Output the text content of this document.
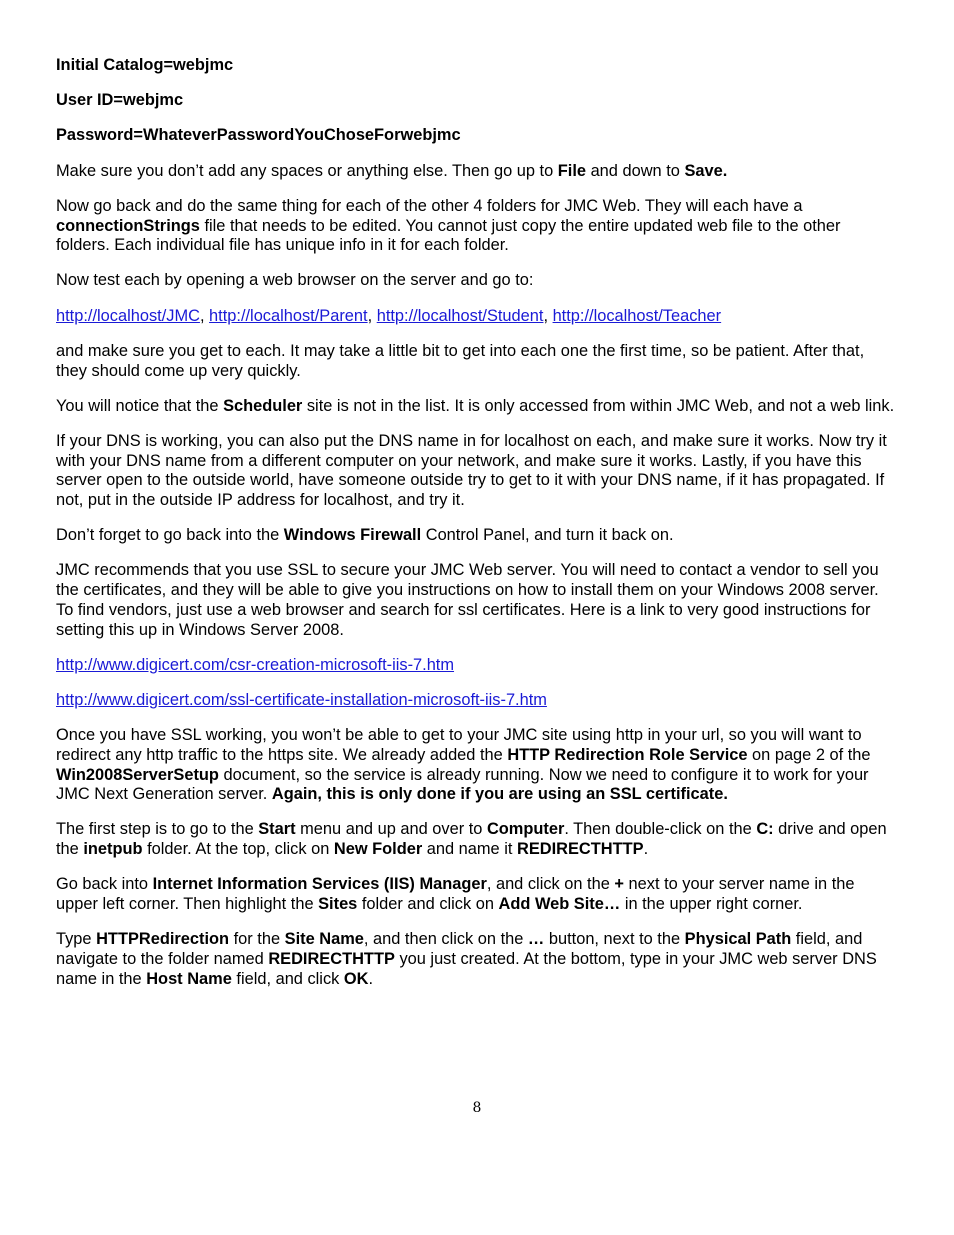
Initial Catalog=webjmc

User ID=webjmc

Password=WhateverPasswordYouChoseForwebjmc

Make sure you don’t add any spaces or anything else. Then go up to File and down to Save.

Now go back and do the same thing for each of the other 4 folders for JMC Web. They will each have a connectionStrings file that needs to be edited. You cannot just copy the entire updated web file to the other folders. Each individual file has unique info in it for each folder.

Now test each by opening a web browser on the server and go to:

http://localhost/JMC, http://localhost/Parent, http://localhost/Student, http://localhost/Teacher

and make sure you get to each. It may take a little bit to get into each one the first time, so be patient. After that, they should come up very quickly.

You will notice that the Scheduler site is not in the list. It is only accessed from within JMC Web, and not a web link.

If your DNS is working, you can also put the DNS name in for localhost on each, and make sure it works. Now try it with your DNS name from a different computer on your network, and make sure it works. Lastly, if you have this server open to the outside world, have someone outside try to get to it with your DNS name, if it has propagated. If not, put in the outside IP address for localhost, and try it.

Don’t forget to go back into the Windows Firewall Control Panel, and turn it back on.

JMC recommends that you use SSL to secure your JMC Web server. You will need to contact a vendor to sell you the certificates, and they will be able to give you instructions on how to install them on your Windows 2008 server. To find vendors, just use a web browser and search for ssl certificates. Here is a link to very good instructions for setting this up in Windows Server 2008.

http://www.digicert.com/csr-creation-microsoft-iis-7.htm

http://www.digicert.com/ssl-certificate-installation-microsoft-iis-7.htm

Once you have SSL working, you won’t be able to get to your JMC site using http in your url, so you will want to redirect any http traffic to the https site. We already added the HTTP Redirection Role Service on page 2 of the Win2008ServerSetup document, so the service is already running. Now we need to configure it to work for your JMC Next Generation server. Again, this is only done if you are using an SSL certificate.

The first step is to go to the Start menu and up and over to Computer. Then double-click on the C: drive and open the inetpub folder. At the top, click on New Folder and name it REDIRECTHTTP.

Go back into Internet Information Services (IIS) Manager, and click on the + next to your server name in the upper left corner. Then highlight the Sites folder and click on Add Web Site… in the upper right corner.

Type HTTPRedirection for the Site Name, and then click on the … button, next to the Physical Path field, and navigate to the folder named REDIRECTHTTP you just created. At the bottom, type in your JMC web server DNS name in the Host Name field, and click OK.

8
